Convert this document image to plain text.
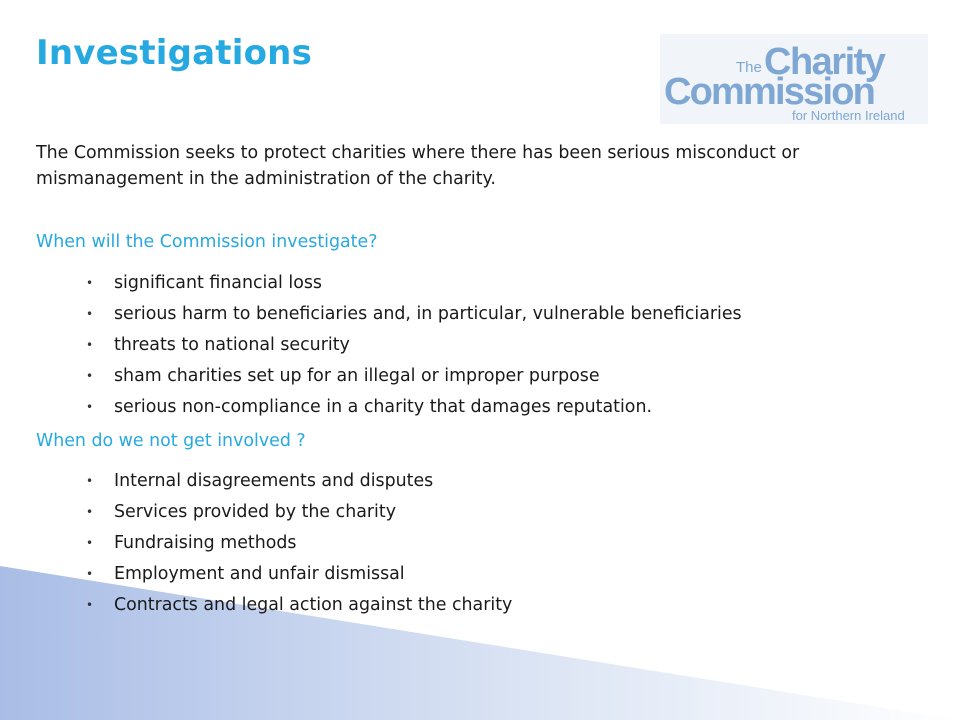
Investigations	The Charity
Commission
for Northern Ireland

The Commission seeks to protect charities where there has been serious misconduct or mismanagement in the administration of the charity.

When will the Commission investigate?
• significant financial loss
• serious harm to beneficiaries and, in particular, vulnerable beneficiaries
• threats to national security
• sham charities set up for an illegal or improper purpose
• serious non-compliance in a charity that damages reputation.
When do we not get involved ?
• Internal disagreements and disputes
• Services provided by the charity
• Fundraising methods
• Employment and unfair dismissal
• Contracts and legal action against the charity
